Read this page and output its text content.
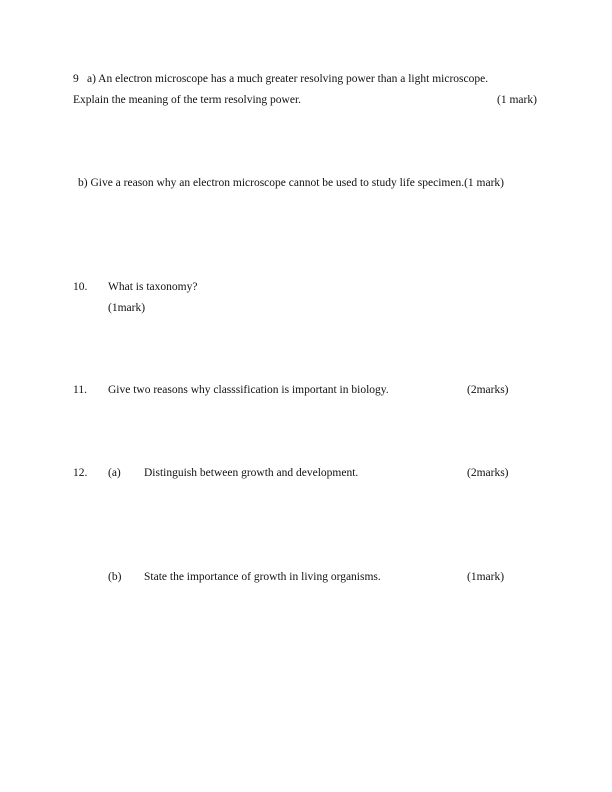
9 a) An electron microscope has a much greater resolving power than a light microscope.
Explain the meaning of the term resolving power.	(1 mark)
b) Give a reason why an electron microscope cannot be used to study life specimen.(1 mark)
10. What is taxonomy?
(1mark)
11. Give two reasons why classsification is important in biology.	(2marks)
12. (a) Distinguish between growth and development.	(2marks)
(b) State the importance of growth in living organisms.	(1mark)
